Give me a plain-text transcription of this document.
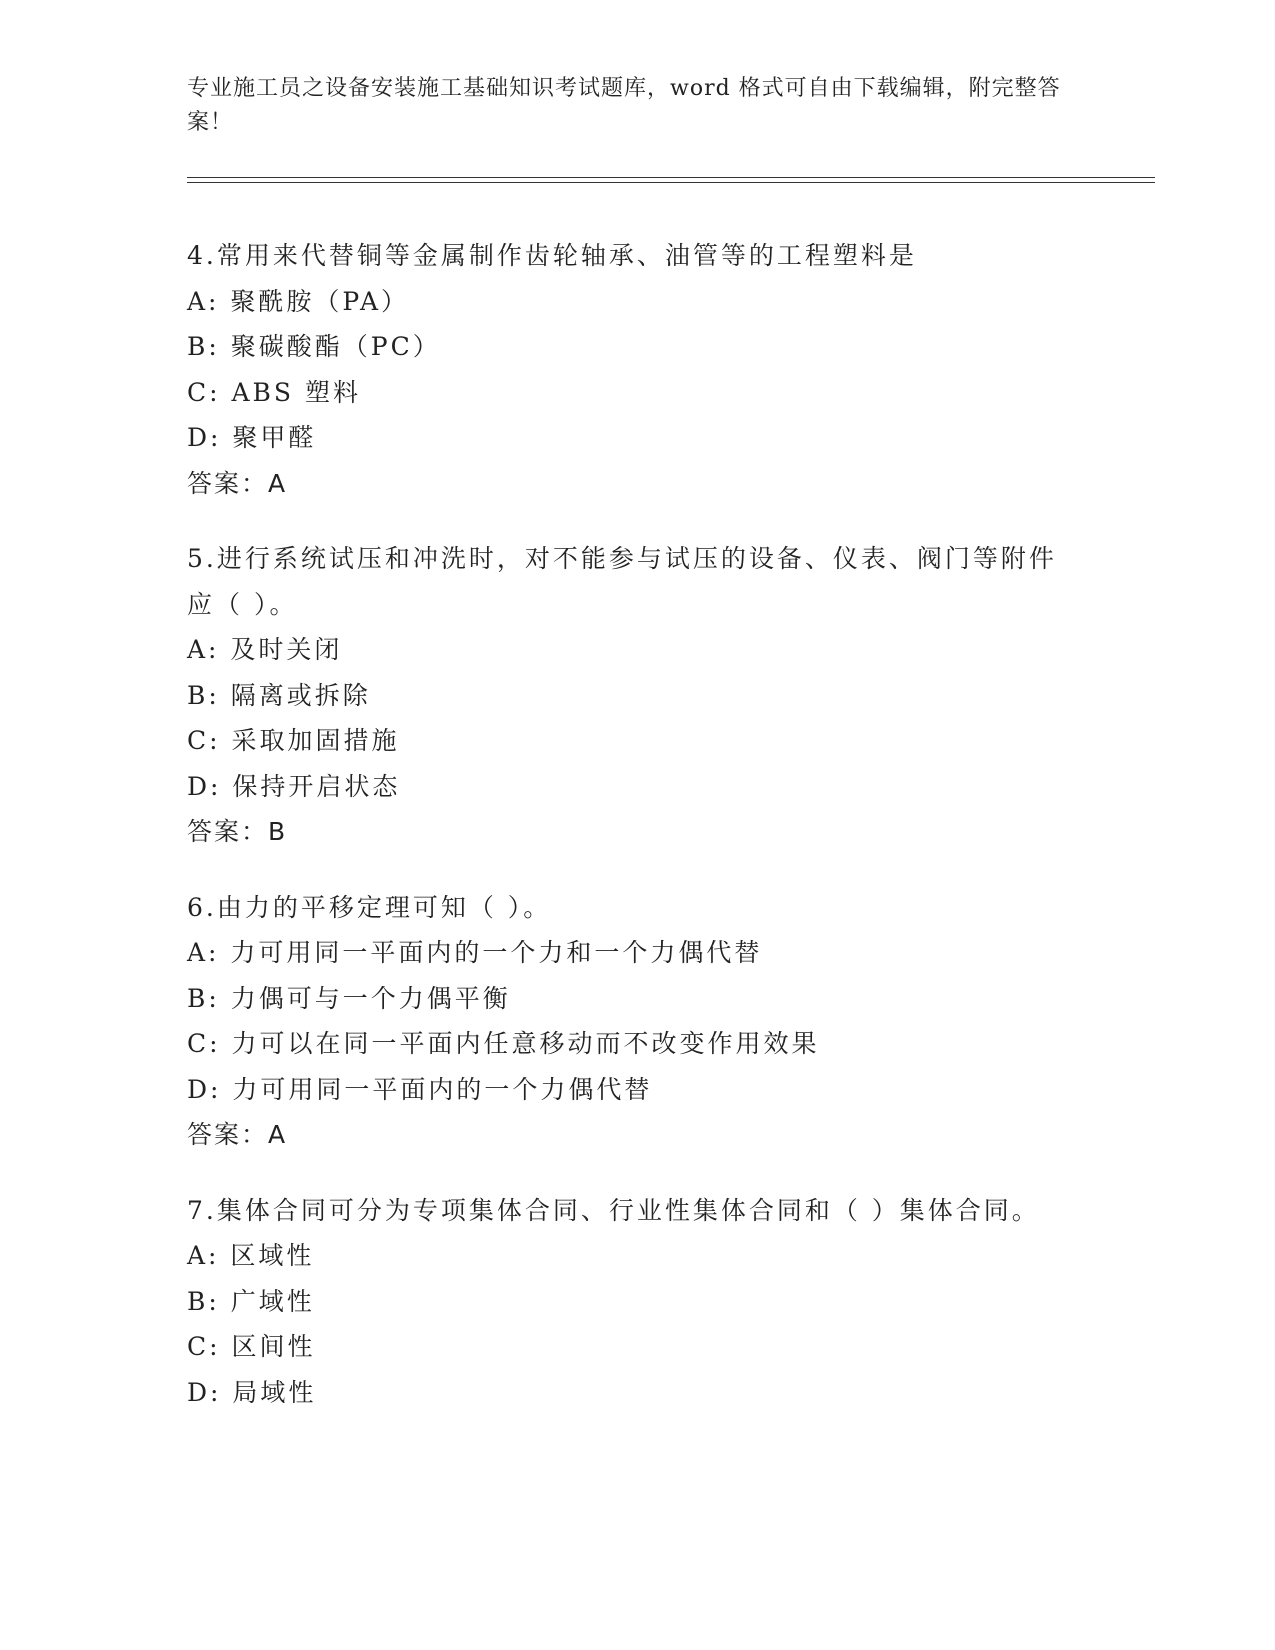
专业施工员之设备安装施工基础知识考试题库，word 格式可自由下载编辑，附完整答案！
4.常用来代替铜等金属制作齿轮轴承、油管等的工程塑料是
A: 聚酰胺（PA）
B: 聚碳酸酯（PC）
C: ABS 塑料
D: 聚甲醛
答案：A
5.进行系统试压和冲洗时，对不能参与试压的设备、仪表、阀门等附件应（ ）。
A: 及时关闭
B: 隔离或拆除
C: 采取加固措施
D: 保持开启状态
答案：B
6.由力的平移定理可知（ ）。
A: 力可用同一平面内的一个力和一个力偶代替
B: 力偶可与一个力偶平衡
C: 力可以在同一平面内任意移动而不改变作用效果
D: 力可用同一平面内的一个力偶代替
答案：A
7.集体合同可分为专项集体合同、行业性集体合同和（ ）集体合同。
A: 区域性
B: 广域性
C: 区间性
D: 局域性
